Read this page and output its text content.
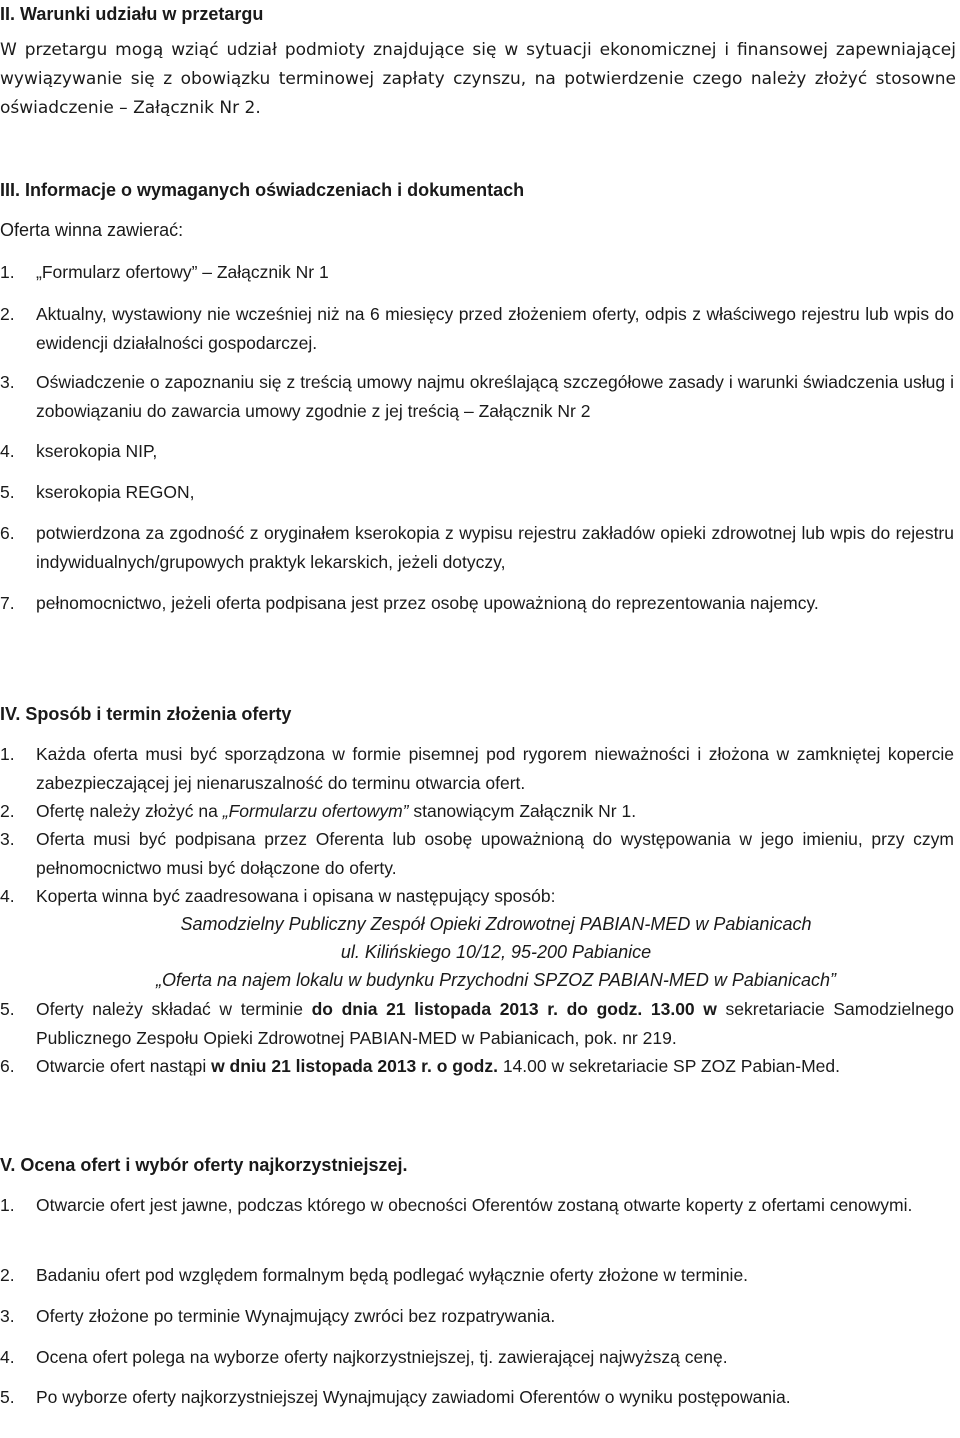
II. Warunki udziału w przetargu
W przetargu mogą wziąć udział podmioty znajdujące się w sytuacji ekonomicznej i finansowej zapewniającej wywiązywanie się z obowiązku terminowej zapłaty czynszu, na potwierdzenie czego należy złożyć stosowne oświadczenie – Załącznik Nr 2.
III. Informacje o wymaganych oświadczeniach i dokumentach
Oferta winna zawierać:
1.	„Formularz ofertowy” – Załącznik Nr 1
2.	Aktualny, wystawiony nie wcześniej niż na 6 miesięcy przed złożeniem oferty, odpis z właściwego rejestru lub wpis do ewidencji działalności gospodarczej.
3.	Oświadczenie o zapoznaniu się z treścią umowy najmu określającą szczegółowe zasady i warunki świadczenia usług i zobowiązaniu do zawarcia umowy zgodnie z jej treścią – Załącznik Nr 2
4.	kserokopia NIP,
5.	kserokopia REGON,
6.	potwierdzona za zgodność z oryginałem kserokopia z wypisu rejestru zakładów opieki zdrowotnej lub wpis do rejestru indywidualnych/grupowych praktyk lekarskich, jeżeli dotyczy,
7.	pełnomocnictwo, jeżeli oferta podpisana jest przez osobę upoważnioną do reprezentowania najemcy.
IV. Sposób i termin złożenia oferty
1.	Każda oferta musi być sporządzona w formie pisemnej pod rygorem nieważności i złożona w zamkniętej kopercie zabezpieczającej jej nienaruszalność do terminu otwarcia ofert.
2.	Ofertę należy złożyć na „Formularzu ofertowym” stanowiącym Załącznik Nr 1.
3.	Oferta musi być podpisana przez Oferenta lub osobę upoważnioną do występowania w jego imieniu, przy czym pełnomocnictwo musi być dołączone do oferty.
4.	Koperta winna być zaadresowana i opisana w następujący sposób:
Samodzielny Publiczny Zespół Opieki Zdrowotnej PABIAN-MED w Pabianicach
ul. Kilińskiego 10/12, 95-200 Pabianice
„Oferta na najem lokalu w budynku Przychodni SPZOZ PABIAN-MED w Pabianicach”
5.	Oferty należy składać w terminie do dnia 21 listopada 2013 r. do godz. 13.00 w sekretariacie Samodzielnego Publicznego Zespołu Opieki Zdrowotnej PABIAN-MED w Pabianicach, pok. nr 219.
6.	Otwarcie ofert nastąpi w dniu 21 listopada 2013 r. o godz. 14.00 w sekretariacie SP ZOZ Pabian-Med.
V. Ocena ofert i wybór oferty najkorzystniejszej.
1.	Otwarcie ofert jest jawne, podczas którego w obecności Oferentów zostaną otwarte koperty z ofertami cenowymi.
2.	Badaniu ofert pod względem formalnym będą podlegać wyłącznie oferty złożone w terminie.
3.	Oferty złożone po terminie Wynajmujący zwróci bez rozpatrywania.
4.	Ocena ofert polega na wyborze oferty najkorzystniejszej, tj. zawierającej najwyższą cenę.
5.	Po wyborze oferty najkorzystniejszej Wynajmujący zawiadomi Oferentów o wyniku postępowania.
